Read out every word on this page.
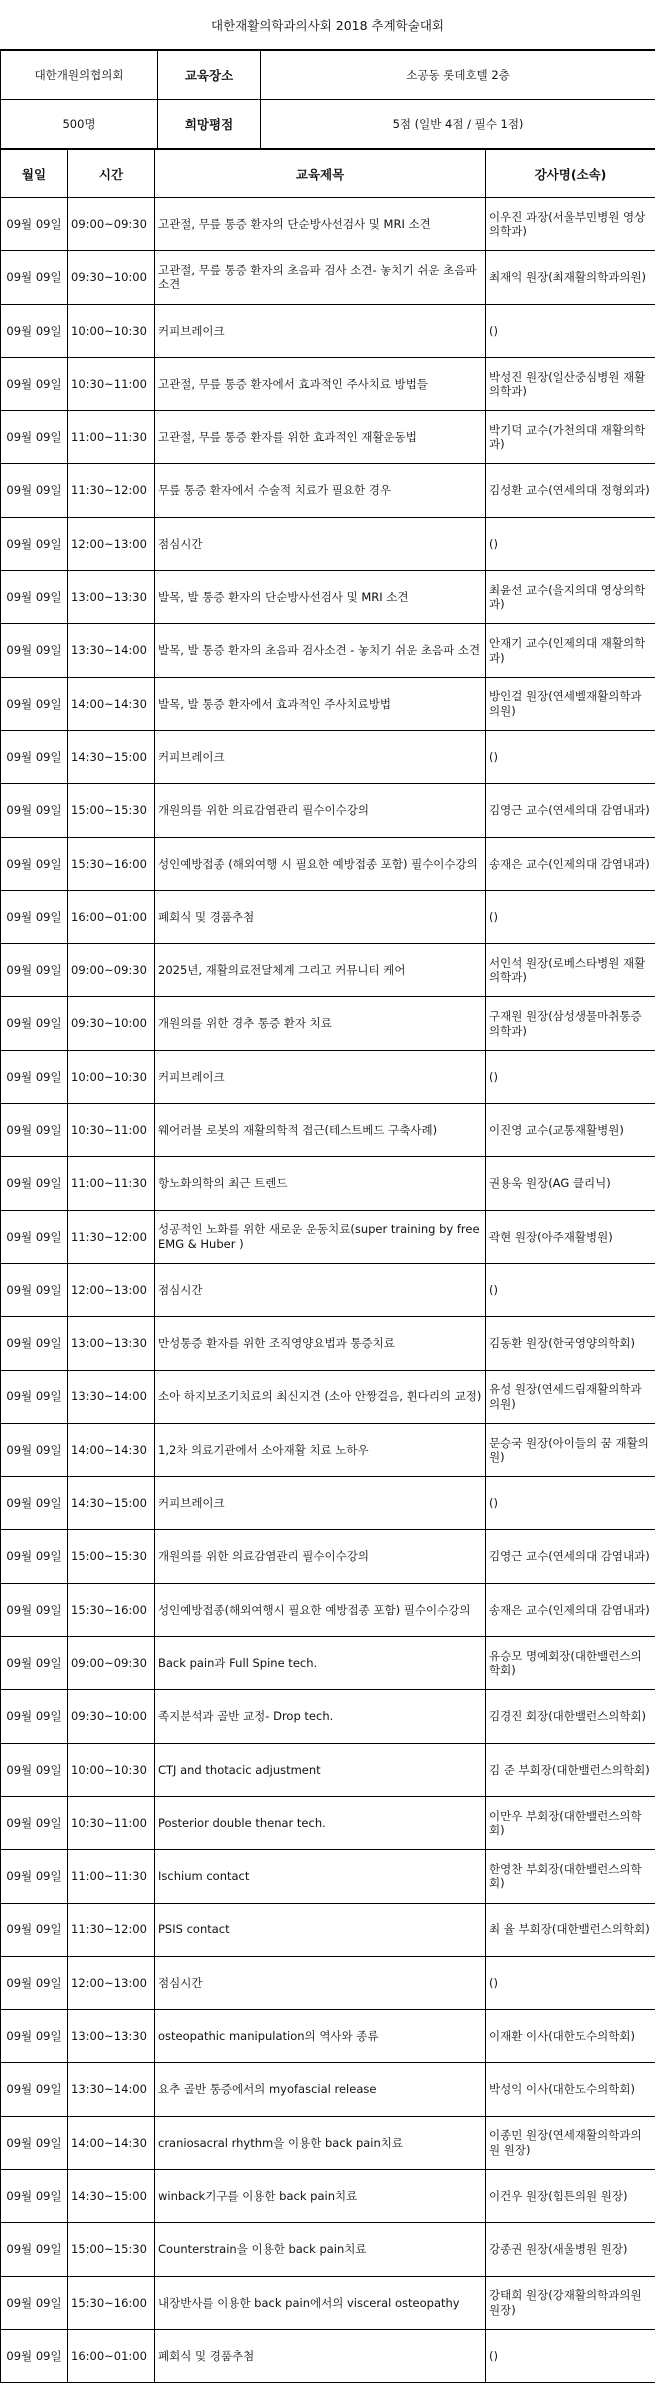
대한재활의학과의사회 2018 추계학술대회
대한개원의협의회	교육장소	소공동 롯데호텔 2층
500명	희망평점	5점 (일반 4점 / 필수 1점)
월일	시간	교육제목	강사명(소속)
09월 09일	09:00~09:30	고관절, 무릎 통증 환자의 단순방사선검사 및 MRI 소견	이우진 과장(서울부민병원 영상의학과)
09월 09일	09:30~10:00	고관절, 무릎 통증 환자의 초음파 검사 소견- 놓치기 쉬운 초음파 소견	최재익 원장(최재활의학과의원)
09월 09일	10:00~10:30	커피브레이크	()
09월 09일	10:30~11:00	고관절, 무릎 통증 환자에서 효과적인 주사치료 방법들	박성진 원장(일산중심병원 재활의학과)
09월 09일	11:00~11:30	고관절, 무릎 통증 환자를 위한 효과적인 재활운동법	박기덕 교수(가천의대 재활의학과)
09월 09일	11:30~12:00	무릎 통증 환자에서 수술적 치료가 필요한 경우	김성환 교수(연세의대 정형외과)
09월 09일	12:00~13:00	점심시간	()
09월 09일	13:00~13:30	발목, 발 통증 환자의 단순방사선검사 및 MRI 소견	최윤선 교수(을지의대 영상의학과)
09월 09일	13:30~14:00	발목, 발 통증 환자의 초음파 검사소견 - 놓치기 쉬운 초음파 소견	안재기 교수(인제의대 재활의학과)
09월 09일	14:00~14:30	발목, 발 통증 환자에서 효과적인 주사치료방법	방인걸 원장(연세벨재활의학과의원)
09월 09일	14:30~15:00	커피브레이크	()
09월 09일	15:00~15:30	개원의를 위한 의료감염관리 필수이수강의	김영근 교수(연세의대 감염내과)
09월 09일	15:30~16:00	성인예방접종 (해외여행 시 필요한 예방접종 포함) 필수이수강의	송재은 교수(인제의대 감염내과)
09월 09일	16:00~01:00	폐회식 및 경품추첨	()
09월 09일	09:00~09:30	2025년, 재활의료전달체계 그리고 커뮤니티 케어	서인석 원장(로베스타병원 재활의학과)
09월 09일	09:30~10:00	개원의를 위한 경추 통증 환자 치료	구재원 원장(삼성생물마취통증의학과)
09월 09일	10:00~10:30	커피브레이크	()
09월 09일	10:30~11:00	웨어러블 로봇의 재활의학적 접근(테스트베드 구축사례)	이진영 교수(교통재활병원)
09월 09일	11:00~11:30	항노화의학의 최근 트렌드	권용욱 원장(AG 클리닉)
09월 09일	11:30~12:00	성공적인 노화를 위한 새로운 운동치료(super training by free EMG & Huber )	곽현 원장(아주재활병원)
09월 09일	12:00~13:00	점심시간	()
09월 09일	13:00~13:30	만성통증 환자를 위한 조직영양요법과 통증치료	김동환 원장(한국영양의학회)
09월 09일	13:30~14:00	소아 하지보조기치료의 최신지견 (소아 안짱걸음, 휜다리의 교정)	유성 원장(연세드림재활의학과의원)
09월 09일	14:00~14:30	1,2차 의료기관에서 소아재활 치료 노하우	문승국 원장(아이들의 꿈 재활의원)
09월 09일	14:30~15:00	커피브레이크	()
09월 09일	15:00~15:30	개원의를 위한 의료감염관리 필수이수강의	김영근 교수(연세의대 감염내과)
09월 09일	15:30~16:00	성인예방접종(해외여행시 필요한 예방접종 포함) 필수이수강의	송재은 교수(인제의대 감염내과)
09월 09일	09:00~09:30	Back pain과 Full Spine tech.	유승모 명예회장(대한밸런스의학회)
09월 09일	09:30~10:00	족지분석과 골반 교정- Drop tech.	김경진 회장(대한밸런스의학회)
09월 09일	10:00~10:30	CTJ and thotacic adjustment	김 준 부회장(대한밸런스의학회)
09월 09일	10:30~11:00	Posterior double thenar tech.	이만우 부회장(대한밸런스의학회)
09월 09일	11:00~11:30	Ischium contact	한영찬 부회장(대한밸런스의학회)
09월 09일	11:30~12:00	PSIS contact	최 율 부회장(대한밸런스의학회)
09월 09일	12:00~13:00	점심시간	()
09월 09일	13:00~13:30	osteopathic manipulation의 역사와 종류	이재환 이사(대한도수의학회)
09월 09일	13:30~14:00	요추 골반 통증에서의 myofascial release	박성익 이사(대한도수의학회)
09월 09일	14:00~14:30	craniosacral rhythm을 이용한 back pain치료	이종민 원장(연세재활의학과의원 원장)
09월 09일	14:30~15:00	winback기구를 이용한 back pain치료	이건우 원장(힘튼의원 원장)
09월 09일	15:00~15:30	Counterstrain을 이용한 back pain치료	강종권 원장(새울병원 원장)
09월 09일	15:30~16:00	내장반사를 이용한 back pain에서의 visceral osteopathy	강태희 원장(강재활의학과의원 원장)
09월 09일	16:00~01:00	폐회식 및 경품추첨	()
